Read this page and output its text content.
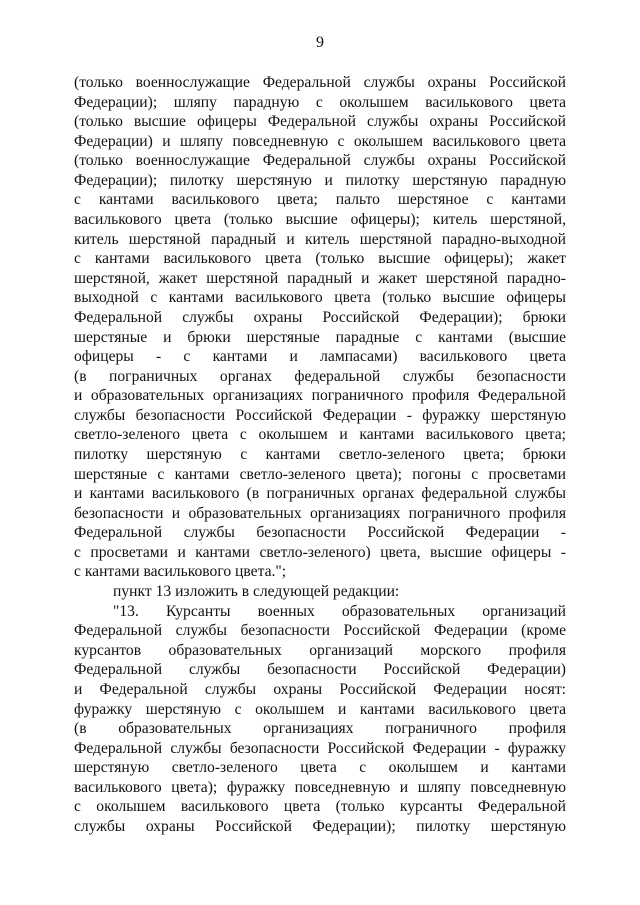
9
(только военнослужащие Федеральной службы охраны Российской
Федерации); шляпу парадную с околышем василькового цвета
(только высшие офицеры Федеральной службы охраны Российской
Федерации) и шляпу повседневную с околышем василькового цвета
(только военнослужащие Федеральной службы охраны Российской
Федерации); пилотку шерстяную и пилотку шерстяную парадную
с кантами василькового цвета; пальто шерстяное с кантами
василькового цвета (только высшие офицеры); китель шерстяной,
китель шерстяной парадный и китель шерстяной парадно-выходной
с кантами василькового цвета (только высшие офицеры); жакет
шерстяной, жакет шерстяной парадный и жакет шерстяной парадно-
выходной с кантами василькового цвета (только высшие офицеры
Федеральной службы охраны Российской Федерации); брюки
шерстяные и брюки шерстяные парадные с кантами (высшие
офицеры - с кантами и лампасами) василькового цвета
(в пограничных органах федеральной службы безопасности
и образовательных организациях пограничного профиля Федеральной
службы безопасности Российской Федерации - фуражку шерстяную
светло-зеленого цвета с околышем и кантами василькового цвета;
пилотку шерстяную с кантами светло-зеленого цвета; брюки
шерстяные с кантами светло-зеленого цвета); погоны с просветами
и кантами василькового (в пограничных органах федеральной службы
безопасности и образовательных организациях пограничного профиля
Федеральной службы безопасности Российской Федерации -
с просветами и кантами светло-зеленого) цвета, высшие офицеры -
с кантами василькового цвета.";
пункт 13 изложить в следующей редакции:
"13. Курсанты военных образовательных организаций
Федеральной службы безопасности Российской Федерации (кроме
курсантов образовательных организаций морского профиля
Федеральной службы безопасности Российской Федерации)
и Федеральной службы охраны Российской Федерации носят:
фуражку шерстяную с околышем и кантами василькового цвета
(в образовательных организациях пограничного профиля
Федеральной службы безопасности Российской Федерации - фуражку
шерстяную светло-зеленого цвета с околышем и кантами
василькового цвета); фуражку повседневную и шляпу повседневную
с околышем василькового цвета (только курсанты Федеральной
службы охраны Российской Федерации); пилотку шерстяную
